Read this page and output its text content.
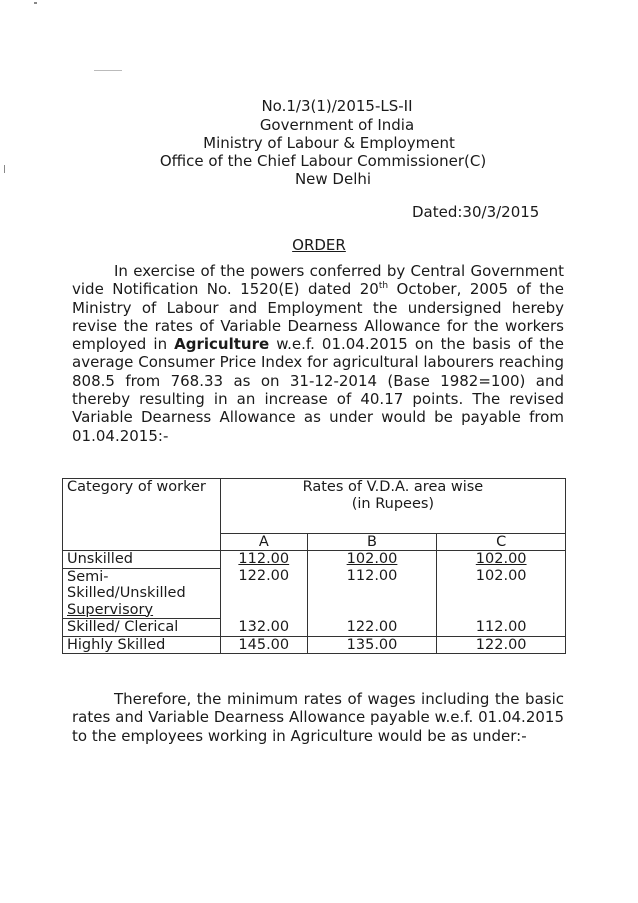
No.1/3(1)/2015-LS-II
Government of India
Ministry of Labour & Employment
Office of the Chief Labour Commissioner(C)
New Delhi
Dated:30/3/2015
ORDER

In exercise of the powers conferred by Central Government vide Notification No. 1520(E) dated 20th October, 2005 of the Ministry of Labour and Employment the undersigned hereby revise the rates of Variable Dearness Allowance for the workers employed in Agriculture w.e.f. 01.04.2015 on the basis of the average Consumer Price Index for agricultural labourers reaching 808.5 from 768.33 as on 31-12-2014 (Base 1982=100) and thereby resulting in an increase of 40.17 points. The revised Variable Dearness Allowance as under would be payable from 01.04.2015:-

Category of worker	Rates of V.D.A. area wise
(in Rupees)		

	A	B	C
Unskilled	112.00	102.00	102.00

Semi-
Skilled/Unskilled
Supervisory	122.00	112.00	102.00
Skilled/ Clerical	132.00	122.00	112.00
Highly Skilled	145.00	135.00	122.00

Therefore, the minimum rates of wages including the basic rates and Variable Dearness Allowance payable w.e.f. 01.04.2015 to the employees working in Agriculture would be as under:-
